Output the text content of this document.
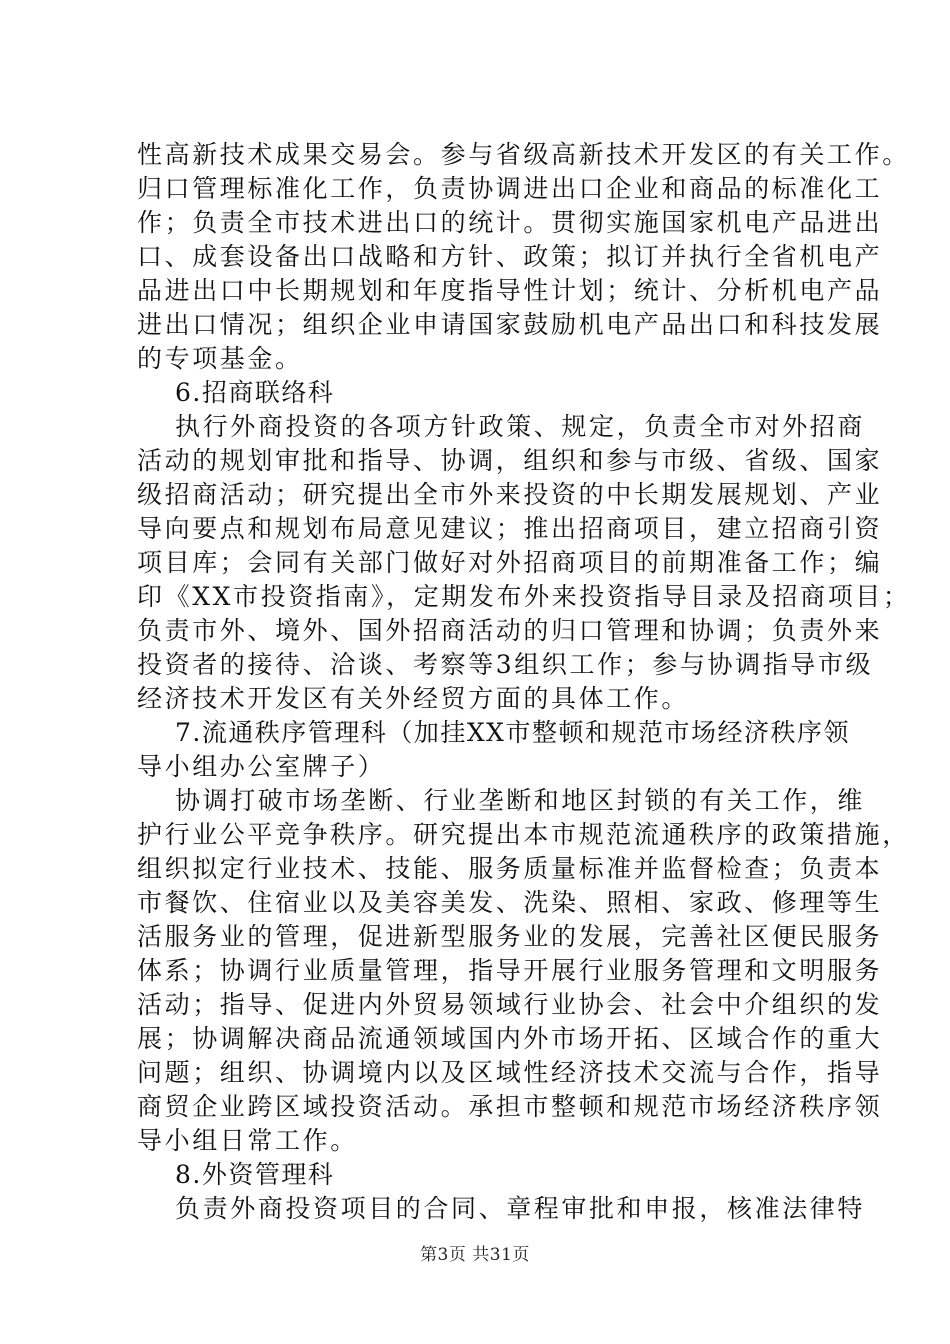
性高新技术成果交易会。参与省级高新技术开发区的有关工作。
归口管理标准化工作，负责协调进出口企业和商品的标准化工
作；负责全市技术进出口的统计。贯彻实施国家机电产品进出
口、成套设备出口战略和方针、政策；拟订并执行全省机电产
品进出口中长期规划和年度指导性计划；统计、分析机电产品
进出口情况；组织企业申请国家鼓励机电产品出口和科技发展
的专项基金。
6.招商联络科
执行外商投资的各项方针政策、规定，负责全市对外招商
活动的规划审批和指导、协调，组织和参与市级、省级、国家
级招商活动；研究提出全市外来投资的中长期发展规划、产业
导向要点和规划布局意见建议；推出招商项目，建立招商引资
项目库；会同有关部门做好对外招商项目的前期准备工作；编
印《XX市投资指南》，定期发布外来投资指导目录及招商项目；
负责市外、境外、国外招商活动的归口管理和协调；负责外来
投资者的接待、洽谈、考察等3组织工作；参与协调指导市级
经济技术开发区有关外经贸方面的具体工作。
7.流通秩序管理科（加挂XX市整顿和规范市场经济秩序领
导小组办公室牌子）
协调打破市场垄断、行业垄断和地区封锁的有关工作，维
护行业公平竞争秩序。研究提出本市规范流通秩序的政策措施，
组织拟定行业技术、技能、服务质量标准并监督检查；负责本
市餐饮、住宿业以及美容美发、洗染、照相、家政、修理等生
活服务业的管理，促进新型服务业的发展，完善社区便民服务
体系；协调行业质量管理，指导开展行业服务管理和文明服务
活动；指导、促进内外贸易领域行业协会、社会中介组织的发
展；协调解决商品流通领域国内外市场开拓、区域合作的重大
问题；组织、协调境内以及区域性经济技术交流与合作，指导
商贸企业跨区域投资活动。承担市整顿和规范市场经济秩序领
导小组日常工作。
第3页 共31页
8.外资管理科
负责外商投资项目的合同、章程审批和申报，核准法律特
